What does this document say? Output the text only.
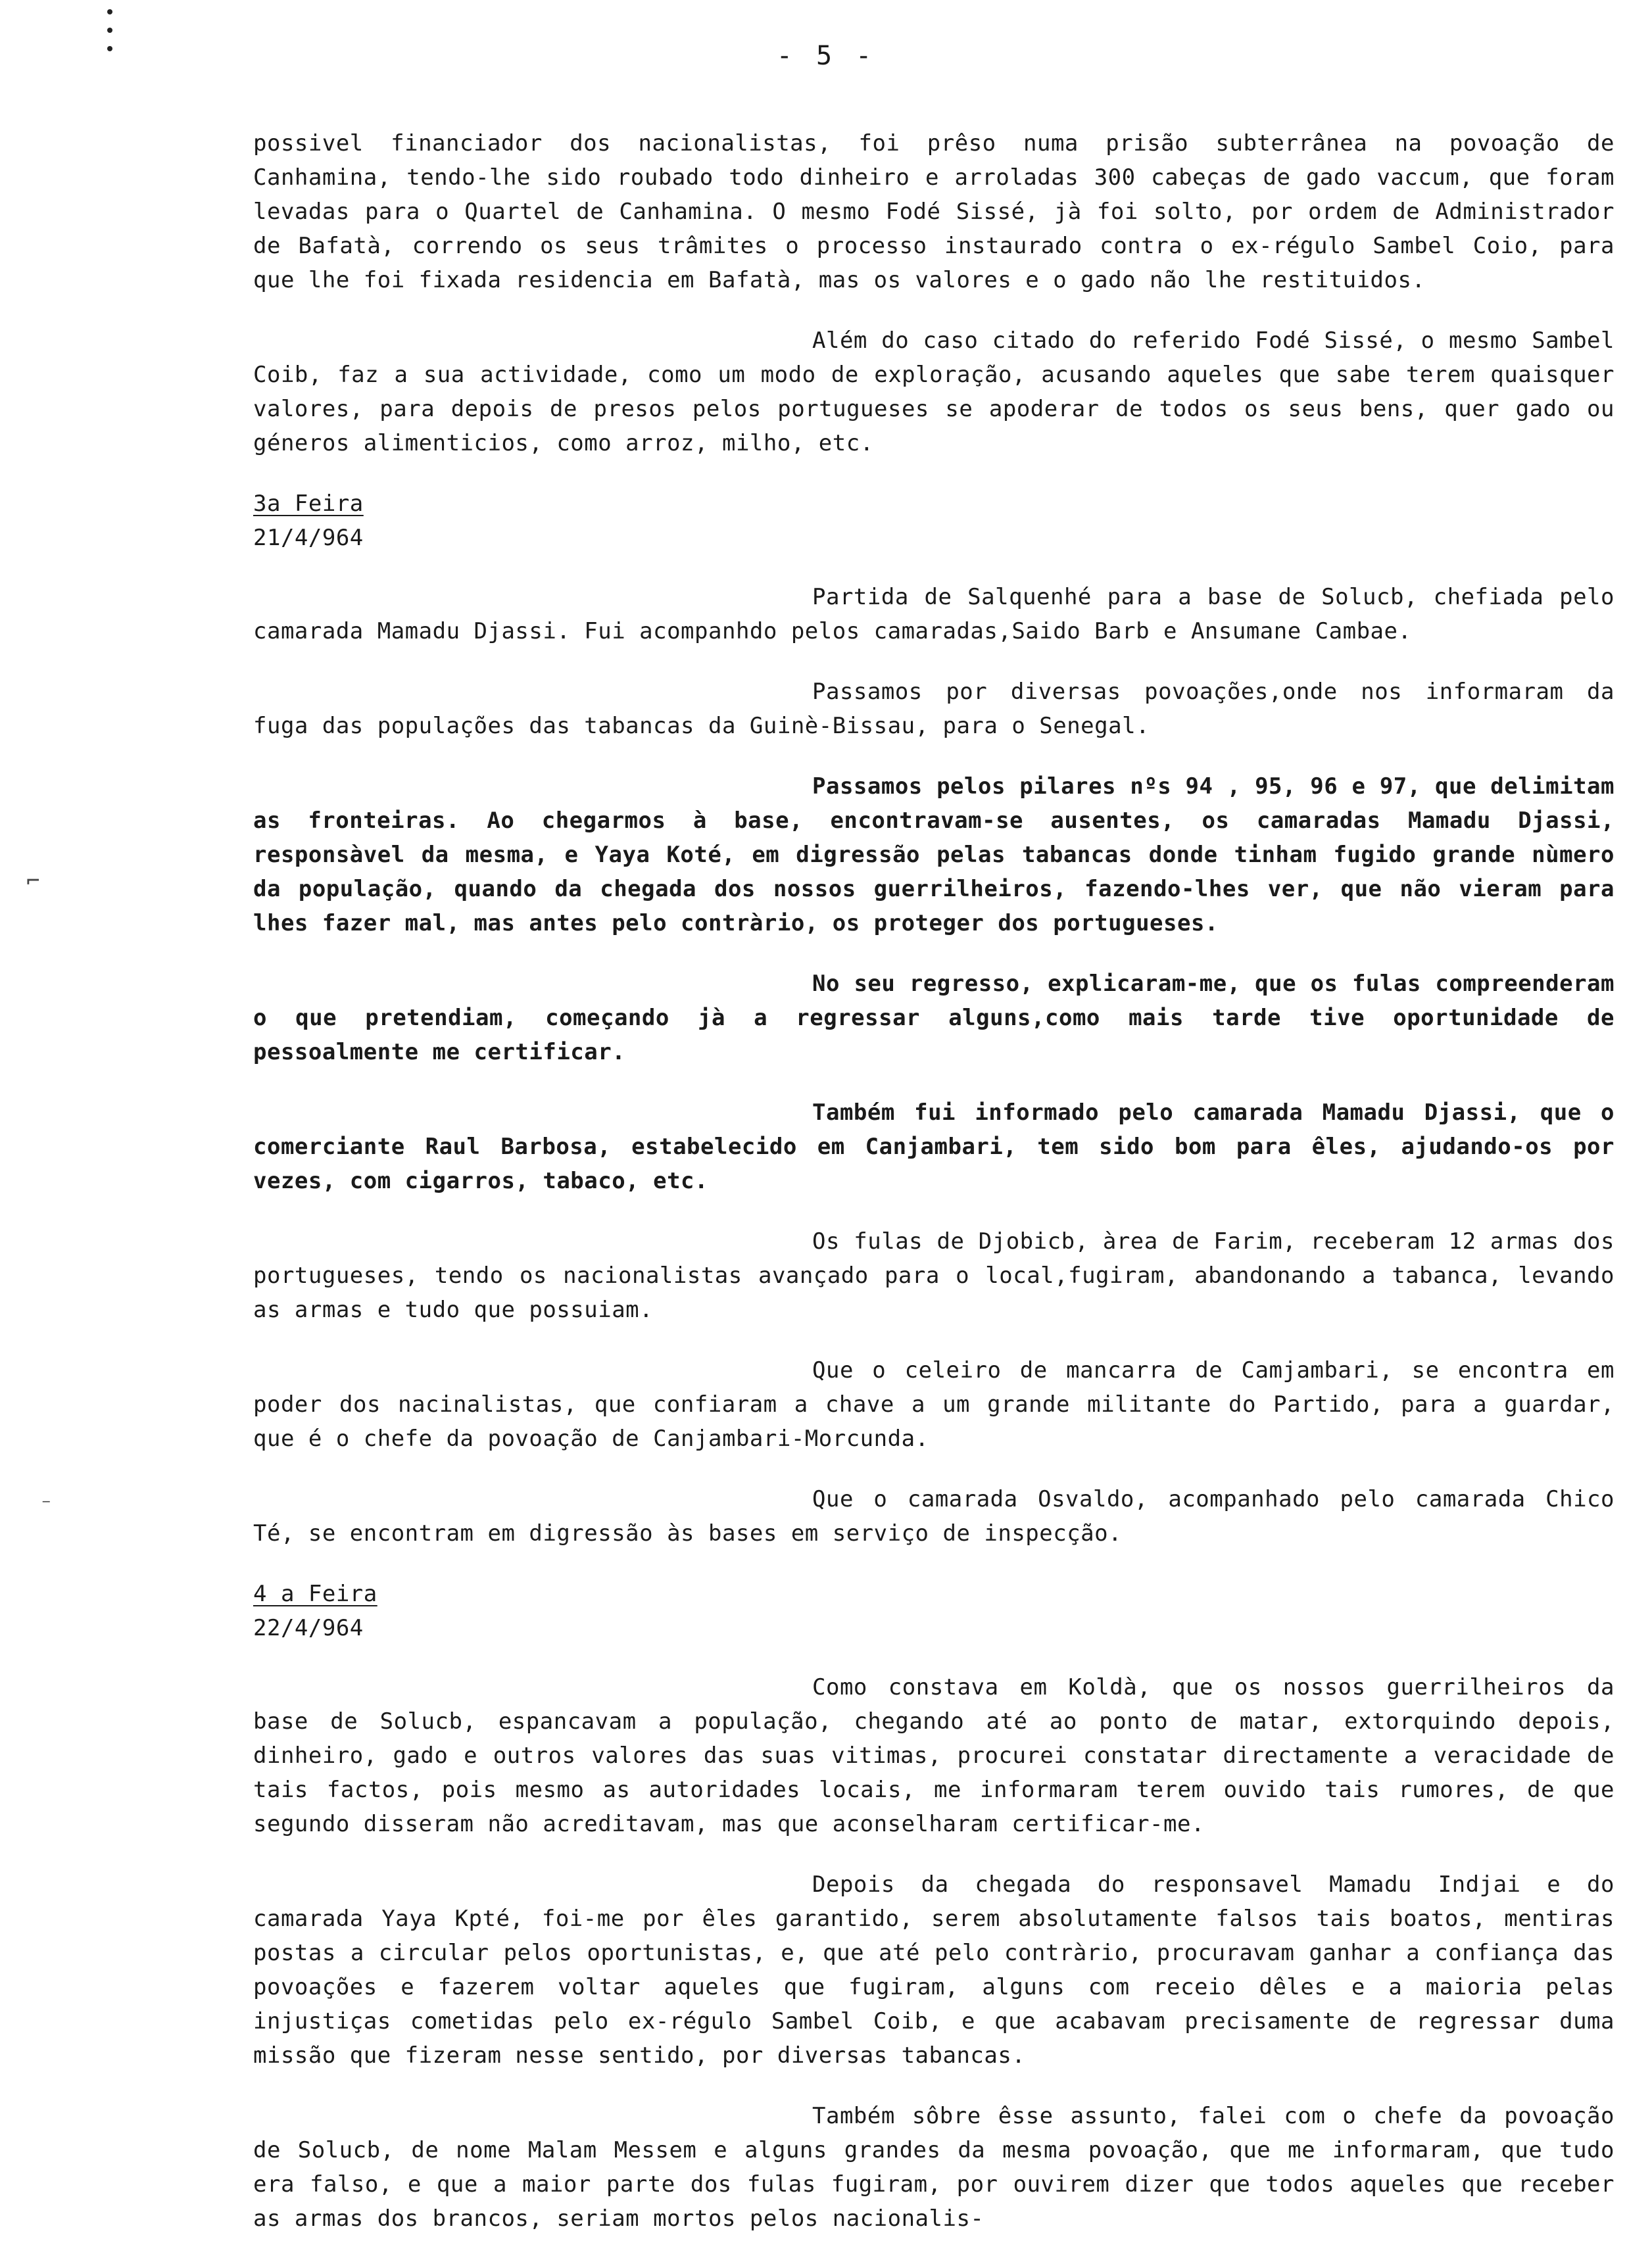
⌐
⁻
- 5 -

possivel financiador dos nacionalistas, foi prêso numa prisão subterrânea na povoação de Canhamina, tendo-lhe sido roubado todo dinheiro e arroladas 300 cabeças de gado vaccum, que foram levadas para o Quartel de Canhamina. O mesmo Fodé Sissé, jà foi solto, por ordem de Administrador de Bafatà, correndo os seus trâmites o processo instaurado contra o ex-régulo Sambel Coio, para que lhe foi fixada residencia em Bafatà, mas os valores e o gado não lhe restituidos.

Além do caso citado do referido Fodé Sissé, o mesmo Sambel Coib, faz a sua actividade, como um modo de exploração, acusando aqueles que sabe terem quaisquer valores, para depois de presos pelos portugueses se apoderar de todos os seus bens, quer gado ou géneros alimenticios, como arroz, milho, etc.

3a Feira
21/4/964

Partida de Salquenhé para a base de Solucb, chefiada pelo camarada Mamadu Djassi. Fui acompanhdo pelos camaradas,Saido Barb e Ansumane Cambae.

Passamos por diversas povoações,onde nos informaram da fuga das populações das tabancas da Guinè-Bissau, para o Senegal.

Passamos pelos pilares nºs 94 , 95, 96 e 97, que delimitam as fronteiras. Ao chegarmos à base, encontravam-se ausentes, os camaradas Mamadu Djassi, responsàvel da mesma, e Yaya Koté, em digressão pelas tabancas donde tinham fugido grande nùmero da população, quando da chegada dos nossos guerrilheiros, fazendo-lhes ver, que não vieram para lhes fazer mal, mas antes pelo contràrio, os proteger dos portugueses.

No seu regresso, explicaram-me, que os fulas compreenderam o que pretendiam, começando jà a regressar alguns,como mais tarde tive oportunidade de pessoalmente me certificar.

Também fui informado pelo camarada Mamadu Djassi, que o comerciante Raul Barbosa, estabelecido em Canjambari, tem sido bom para êles, ajudando-os por vezes, com cigarros, tabaco, etc.

Os fulas de Djobicb, àrea de Farim, receberam 12 armas dos portugueses, tendo os nacionalistas avançado para o local,fugiram, abandonando a tabanca, levando as armas e tudo que possuiam.

Que o celeiro de mancarra de Camjambari, se encontra em poder dos nacinalistas, que confiaram a chave a um grande militante do Partido, para a guardar, que é o chefe da povoação de Canjambari-Morcunda.

Que o camarada Osvaldo, acompanhado pelo camarada Chico Té, se encontram em digressão às bases em serviço de inspecção.

4 a Feira
22/4/964

Como constava em Koldà, que os nossos guerrilheiros da base de Solucb, espancavam a população, chegando até ao ponto de matar, extorquindo depois, dinheiro, gado e outros valores das suas vitimas, procurei constatar directamente a veracidade de tais factos, pois mesmo as autoridades locais, me informaram terem ouvido tais rumores, de que segundo disseram não acreditavam, mas que aconselharam certificar-me.

Depois da chegada do responsavel Mamadu Indjai e do camarada Yaya Kpté, foi-me por êles garantido, serem absolutamente falsos tais boatos, mentiras postas a circular pelos oportunistas, e, que até pelo contràrio, procuravam ganhar a confiança das povoações e fazerem voltar aqueles que fugiram, alguns com receio dêles e a maioria pelas injustiças cometidas pelo ex-régulo Sambel Coib, e que acabavam precisamente de regressar duma missão que fizeram nesse sentido, por diversas tabancas.

Também sôbre êsse assunto, falei com o chefe da povoação de Solucb, de nome Malam Messem e alguns grandes da mesma povoação, que me informaram, que tudo era falso, e que a maior parte dos fulas fugiram, por ouvirem dizer que todos aqueles que receber as armas dos brancos, seriam mortos pelos nacionalis-
